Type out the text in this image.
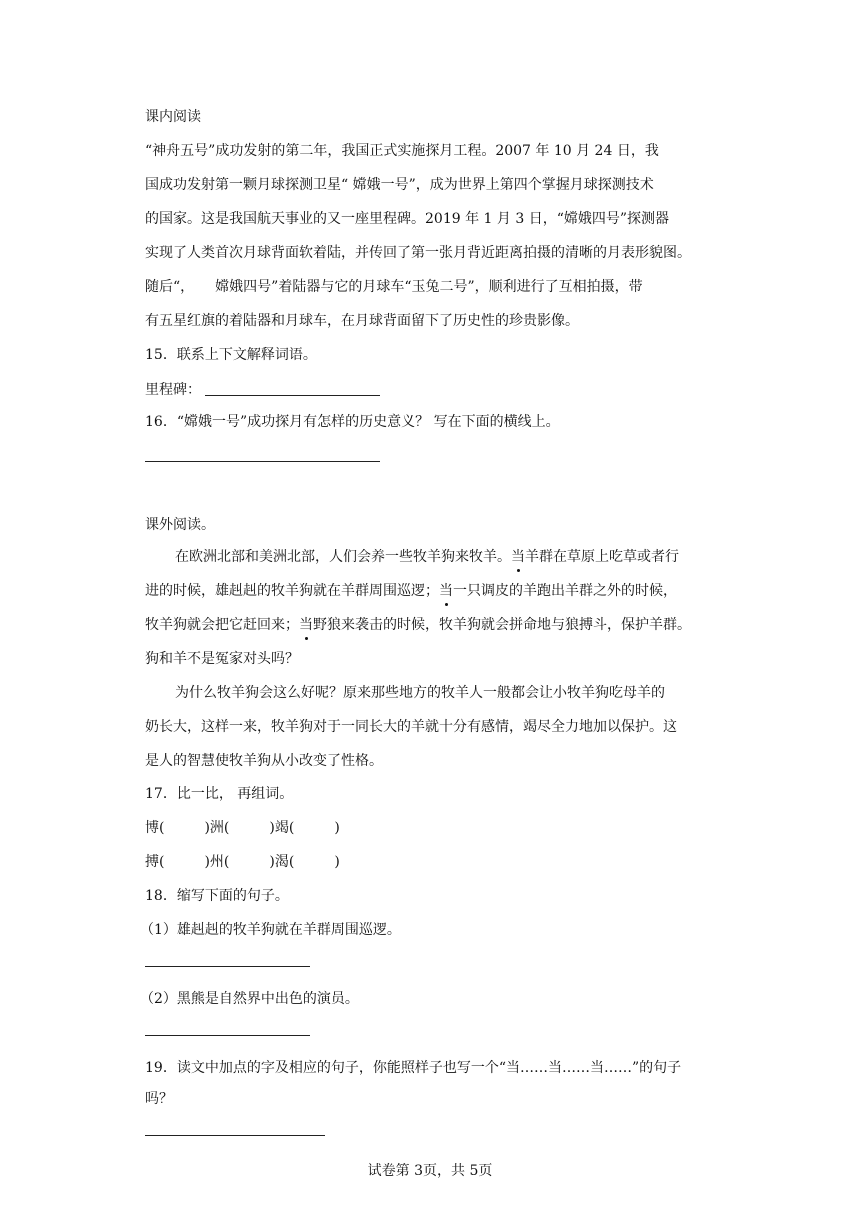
课内阅读
“神舟五号”成功发射的第二年，我国正式实施探月工程。2007 年 10 月 24 日，我
国成功发射第一颗月球探测卫星“ 嫦娥一号”，成为世界上第四个掌握月球探测技术
的国家。这是我国航天事业的又一座里程碑。2019 年 1 月 3 日，“嫦娥四号”探测器
实现了人类首次月球背面软着陆，并传回了第一张月背近距离拍摄的清晰的月表形貌图。
随后“，　　嫦娥四号”着陆器与它的月球车“玉兔二号”，顺利进行了互相拍摄，带
有五星红旗的着陆器和月球车，在月球背面留下了历史性的珍贵影像。
15．联系上下文解释词语。
里程碑：
16．“嫦娥一号”成功探月有怎样的历史意义？ 写在下面的横线上。
课外阅读。
在欧洲北部和美洲北部，人们会养一些牧羊狗来牧羊。当羊群在草原上吃草或者行
进的时候，雄赳赳的牧羊狗就在羊群周围巡逻；当一只调皮的羊跑出羊群之外的时候，
牧羊狗就会把它赶回来；当野狼来袭击的时候，牧羊狗就会拼命地与狼搏斗，保护羊群。
狗和羊不是冤家对头吗？
为什么牧羊狗会这么好呢？原来那些地方的牧羊人一般都会让小牧羊狗吃母羊的
奶长大，这样一来，牧羊狗对于一同长大的羊就十分有感情，竭尽全力地加以保护。这
是人的智慧使牧羊狗从小改变了性格。
17．比一比， 再组词。
博(	)洲(	)竭(	)
搏(	)州(	)渴(	)
18．缩写下面的句子。
（1）雄赳赳的牧羊狗就在羊群周围巡逻。
（2）黑熊是自然界中出色的演员。
19．读文中加点的字及相应的句子，你能照样子也写一个“当……当……当……”的句子
吗？
试卷第 3页，共 5页
